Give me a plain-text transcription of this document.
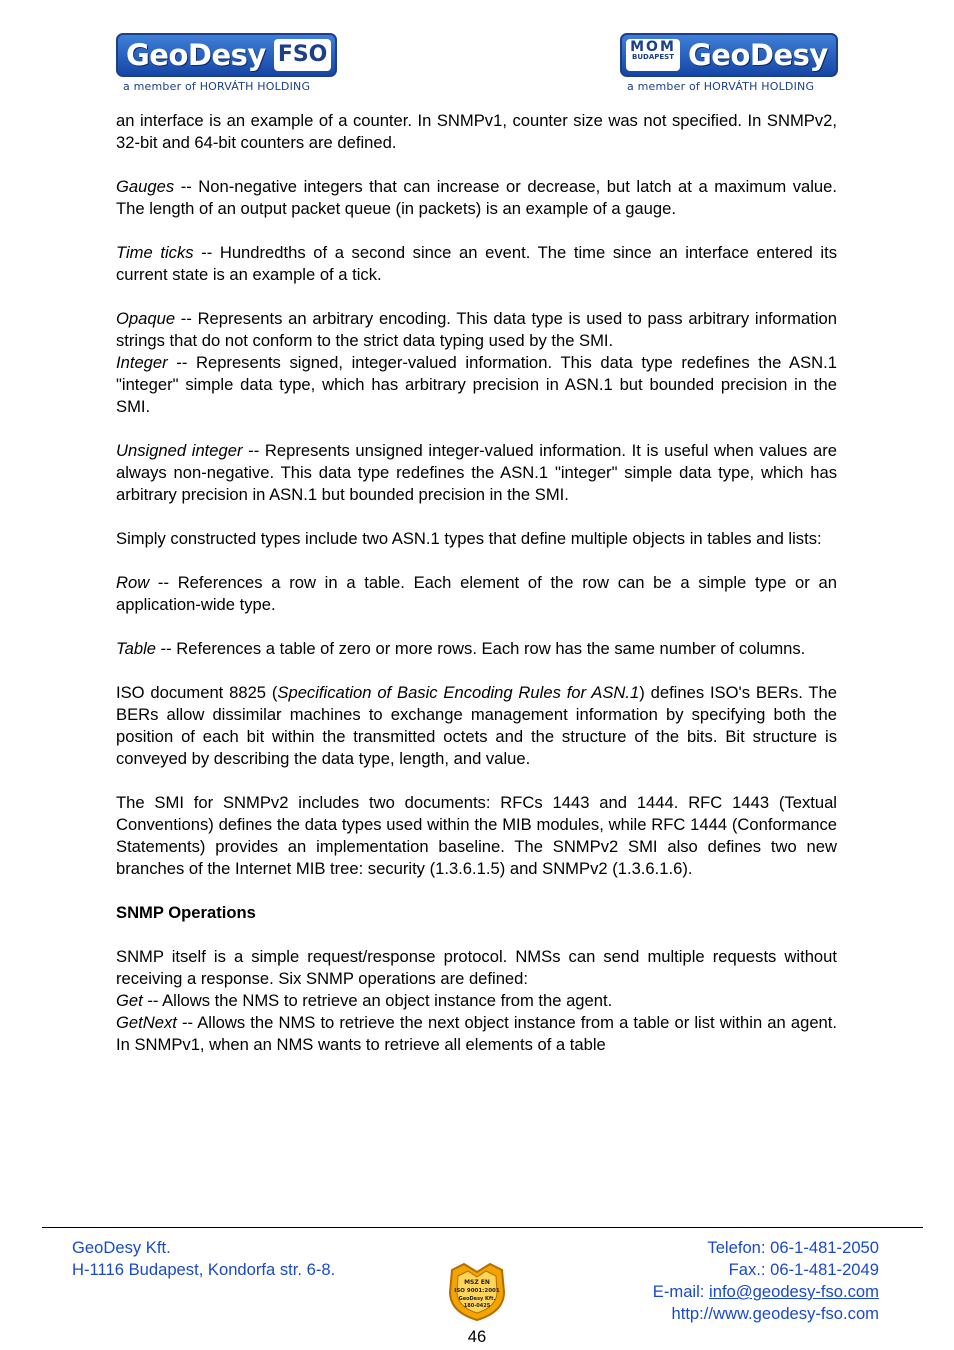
GeoDesy FSO
a member of HORVÁTH HOLDING
MOM
BUDAPEST GeoDesy
a member of HORVÁTH HOLDING

an interface is an example of a counter. In SNMPv1, counter size was not specified. In SNMPv2, 32-bit and 64-bit counters are defined.

Gauges -- Non-negative integers that can increase or decrease, but latch at a maximum value. The length of an output packet queue (in packets) is an example of a gauge.

Time ticks -- Hundredths of a second since an event. The time since an interface entered its current state is an example of a tick.

Opaque -- Represents an arbitrary encoding. This data type is used to pass arbitrary information strings that do not conform to the strict data typing used by the SMI.

Integer -- Represents signed, integer-valued information. This data type redefines the ASN.1 "integer" simple data type, which has arbitrary precision in ASN.1 but bounded precision in the SMI.

Unsigned integer -- Represents unsigned integer-valued information. It is useful when values are always non-negative. This data type redefines the ASN.1 "integer" simple data type, which has arbitrary precision in ASN.1 but bounded precision in the SMI.

Simply constructed types include two ASN.1 types that define multiple objects in tables and lists:

Row -- References a row in a table. Each element of the row can be a simple type or an application-wide type.

Table -- References a table of zero or more rows. Each row has the same number of columns.

ISO document 8825 (Specification of Basic Encoding Rules for ASN.1) defines ISO's BERs. The BERs allow dissimilar machines to exchange management information by specifying both the position of each bit within the transmitted octets and the structure of the bits. Bit structure is conveyed by describing the data type, length, and value.

The SMI for SNMPv2 includes two documents: RFCs 1443 and 1444. RFC 1443 (Textual Conventions) defines the data types used within the MIB modules, while RFC 1444 (Conformance Statements) provides an implementation baseline. The SNMPv2 SMI also defines two new branches of the Internet MIB tree: security (1.3.6.1.5) and SNMPv2 (1.3.6.1.6).

SNMP Operations

SNMP itself is a simple request/response protocol. NMSs can send multiple requests without receiving a response. Six SNMP operations are defined:

Get -- Allows the NMS to retrieve an object instance from the agent.

GetNext -- Allows the NMS to retrieve the next object instance from a table or list within an agent. In SNMPv1, when an NMS wants to retrieve all elements of a table

GeoDesy Kft.
H-1116 Budapest, Kondorfa str. 6-8.
Telefon: 06-1-481-2050
Fax.: 06-1-481-2049
E-mail: info@geodesy-fso.com
http://www.geodesy-fso.com
MSZ EN
ISO 9001:2001
GeoDesy Kft.
180-0425
46
